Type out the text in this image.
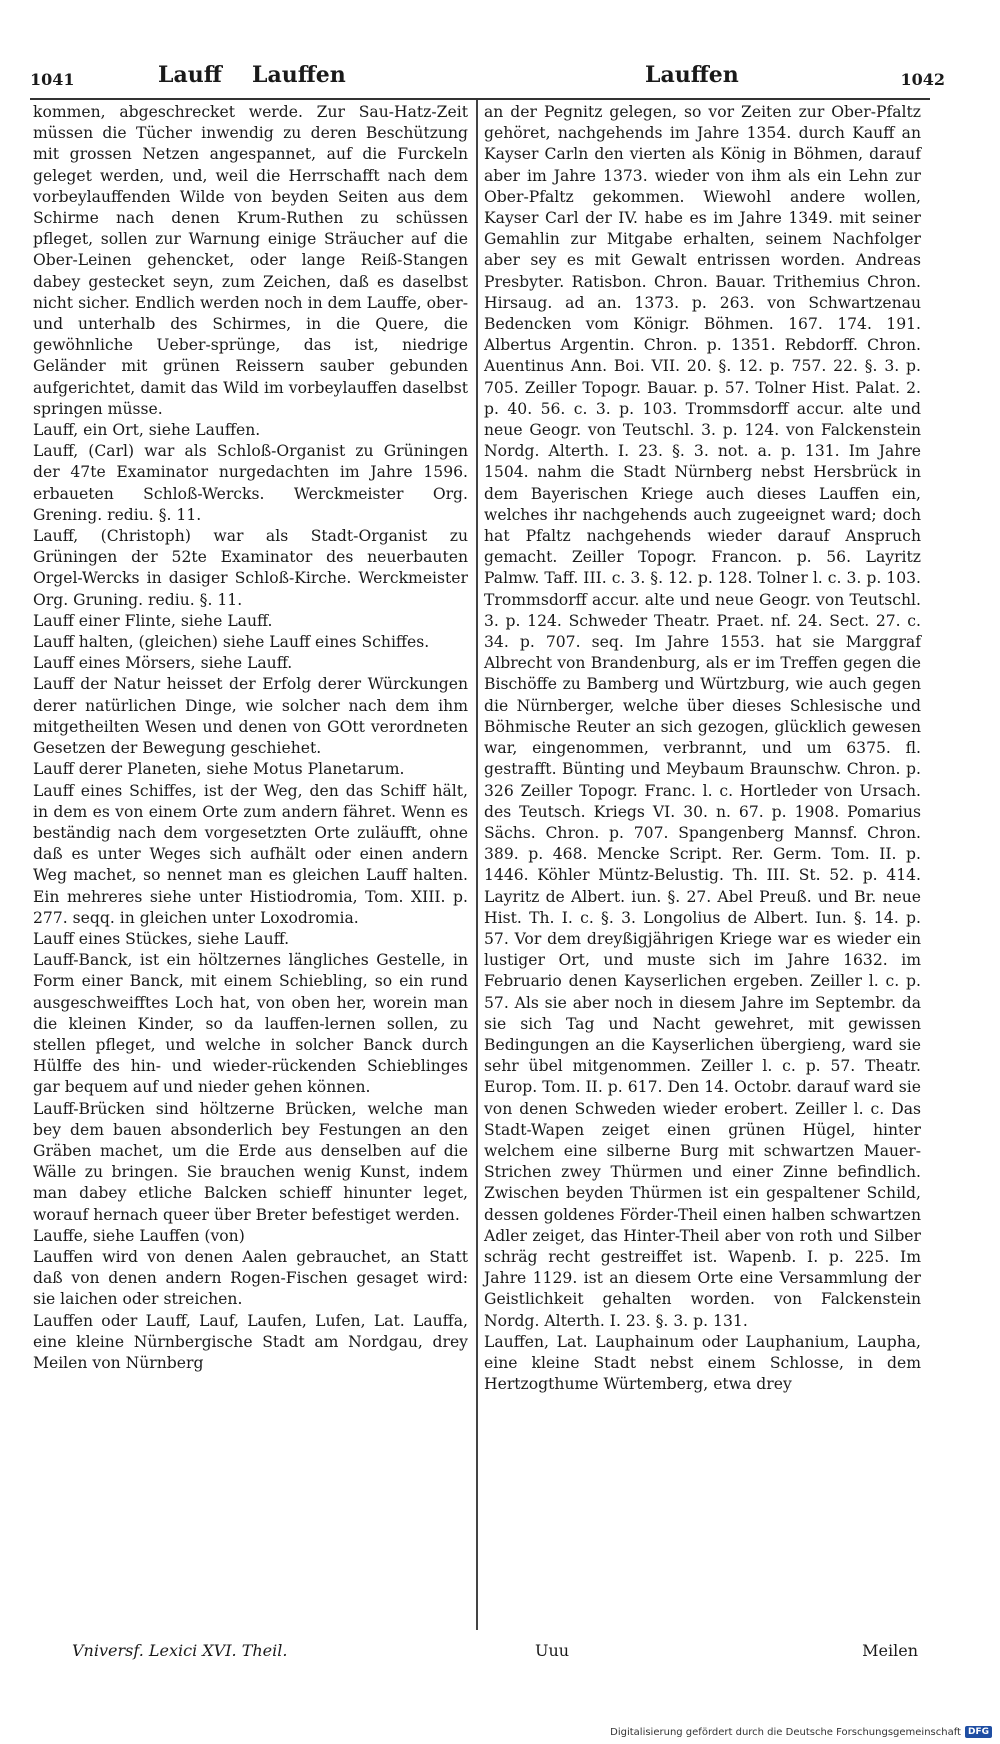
1041	Lauff Lauffen	Lauffen	1042

kommen, abgeschrecket werde. Zur Sau-Hatz-Zeit müssen die Tücher inwendig zu deren Beschützung mit grossen Netzen angespannet, auf die Furckeln geleget werden, und, weil die Herrschafft nach dem vorbeylauffenden Wilde von beyden Seiten aus dem Schirme nach denen Krum-Ruthen zu schüssen pfleget, sollen zur Warnung einige Sträucher auf die Ober-Leinen gehencket, oder lange Reiß-Stangen dabey gestecket seyn, zum Zeichen, daß es daselbst nicht sicher. Endlich werden noch in dem Lauffe, ober- und unterhalb des Schirmes, in die Quere, die gewöhnliche Ueber-sprünge, das ist, niedrige Geländer mit grünen Reissern sauber gebunden aufgerichtet, damit das Wild im vorbeylauffen daselbst springen müsse.

Lauff, ein Ort, siehe Lauffen.

Lauff, (Carl) war als Schloß-Organist zu Grüningen der 47te Examinator nurgedachten im Jahre 1596. erbaueten Schloß-Wercks. Werckmeister Org. Grening. rediu. §. 11.

Lauff, (Christoph) war als Stadt-Organist zu Grüningen der 52te Examinator des neuerbauten Orgel-Wercks in dasiger Schloß-Kirche. Werckmeister Org. Gruning. rediu. §. 11.

Lauff einer Flinte, siehe Lauff.

Lauff halten, (gleichen) siehe Lauff eines Schiffes.

Lauff eines Mörsers, siehe Lauff.

Lauff der Natur heisset der Erfolg derer Würckungen derer natürlichen Dinge, wie solcher nach dem ihm mitgetheilten Wesen und denen von GOtt verordneten Gesetzen der Bewegung geschiehet.

Lauff derer Planeten, siehe Motus Planetarum.

Lauff eines Schiffes, ist der Weg, den das Schiff hält, in dem es von einem Orte zum andern fähret. Wenn es beständig nach dem vorgesetzten Orte zuläufft, ohne daß es unter Weges sich aufhält oder einen andern Weg machet, so nennet man es gleichen Lauff halten. Ein mehreres siehe unter Histiodromia, Tom. XIII. p. 277. seqq. in gleichen unter Loxodromia.

Lauff eines Stückes, siehe Lauff.

Lauff-Banck, ist ein höltzernes längliches Gestelle, in Form einer Banck, mit einem Schiebling, so ein rund ausgeschweifftes Loch hat, von oben her, worein man die kleinen Kinder, so da lauffen-lernen sollen, zu stellen pfleget, und welche in solcher Banck durch Hülffe des hin- und wieder-rückenden Schieblinges gar bequem auf und nieder gehen können.

Lauff-Brücken sind höltzerne Brücken, welche man bey dem bauen absonderlich bey Festungen an den Gräben machet, um die Erde aus denselben auf die Wälle zu bringen. Sie brauchen wenig Kunst, indem man dabey etliche Balcken schieff hinunter leget, worauf hernach queer über Breter befestiget werden.

Lauffe, siehe Lauffen (von)

Lauffen wird von denen Aalen gebrauchet, an Statt daß von denen andern Rogen-Fischen gesaget wird: sie laichen oder streichen.

Lauffen oder Lauff, Lauf, Laufen, Lufen, Lat. Lauffa, eine kleine Nürnbergische Stadt am Nordgau, drey Meilen von Nürnberg

an der Pegnitz gelegen, so vor Zeiten zur Ober-Pfaltz gehöret, nachgehends im Jahre 1354. durch Kauff an Kayser Carln den vierten als König in Böhmen, darauf aber im Jahre 1373. wieder von ihm als ein Lehn zur Ober-Pfaltz gekommen. Wiewohl andere wollen, Kayser Carl der IV. habe es im Jahre 1349. mit seiner Gemahlin zur Mitgabe erhalten, seinem Nachfolger aber sey es mit Gewalt entrissen worden. Andreas Presbyter. Ratisbon. Chron. Bauar. Trithemius Chron. Hirsaug. ad an. 1373. p. 263. von Schwartzenau Bedencken vom Königr. Böhmen. 167. 174. 191. Albertus Argentin. Chron. p. 1351. Rebdorff. Chron. Auentinus Ann. Boi. VII. 20. §. 12. p. 757. 22. §. 3. p. 705. Zeiller Topogr. Bauar. p. 57. Tolner Hist. Palat. 2. p. 40. 56. c. 3. p. 103. Trommsdorff accur. alte und neue Geogr. von Teutschl. 3. p. 124. von Falckenstein Nordg. Alterth. I. 23. §. 3. not. a. p. 131. Im Jahre 1504. nahm die Stadt Nürnberg nebst Hersbrück in dem Bayerischen Kriege auch dieses Lauffen ein, welches ihr nachgehends auch zugeeignet ward; doch hat Pfaltz nachgehends wieder darauf Anspruch gemacht. Zeiller Topogr. Francon. p. 56. Layritz Palmw. Taff. III. c. 3. §. 12. p. 128. Tolner l. c. 3. p. 103. Trommsdorff accur. alte und neue Geogr. von Teutschl. 3. p. 124. Schweder Theatr. Praet. nf. 24. Sect. 27. c. 34. p. 707. seq. Im Jahre 1553. hat sie Marggraf Albrecht von Brandenburg, als er im Treffen gegen die Bischöffe zu Bamberg und Würtzburg, wie auch gegen die Nürnberger, welche über dieses Schlesische und Böhmische Reuter an sich gezogen, glücklich gewesen war, eingenommen, verbrannt, und um 6375. fl. gestrafft. Bünting und Meybaum Braunschw. Chron. p. 326 Zeiller Topogr. Franc. l. c. Hortleder von Ursach. des Teutsch. Kriegs VI. 30. n. 67. p. 1908. Pomarius Sächs. Chron. p. 707. Spangenberg Mannsf. Chron. 389. p. 468. Mencke Script. Rer. Germ. Tom. II. p. 1446. Köhler Müntz-Belustig. Th. III. St. 52. p. 414. Layritz de Albert. iun. §. 27. Abel Preuß. und Br. neue Hist. Th. I. c. §. 3. Longolius de Albert. Iun. §. 14. p. 57. Vor dem dreyßigjährigen Kriege war es wieder ein lustiger Ort, und muste sich im Jahre 1632. im Februario denen Kayserlichen ergeben. Zeiller l. c. p. 57. Als sie aber noch in diesem Jahre im Septembr. da sie sich Tag und Nacht gewehret, mit gewissen Bedingungen an die Kayserlichen übergieng, ward sie sehr übel mitgenommen. Zeiller l. c. p. 57. Theatr. Europ. Tom. II. p. 617. Den 14. Octobr. darauf ward sie von denen Schweden wieder erobert. Zeiller l. c. Das Stadt-Wapen zeiget einen grünen Hügel, hinter welchem eine silberne Burg mit schwartzen Mauer-Strichen zwey Thürmen und einer Zinne befindlich. Zwischen beyden Thürmen ist ein gespaltener Schild, dessen goldenes Förder-Theil einen halben schwartzen Adler zeiget, das Hinter-Theil aber von roth und Silber schräg recht gestreiffet ist. Wapenb. I. p. 225. Im Jahre 1129. ist an diesem Orte eine Versammlung der Geistlichkeit gehalten worden. von Falckenstein Nordg. Alterth. I. 23. §. 3. p. 131.

Lauffen, Lat. Lauphainum oder Lauphanium, Laupha, eine kleine Stadt nebst einem Schlosse, in dem Hertzogthume Würtemberg, etwa drey

Vniversf. Lexici XVI. Theil.	Uuu	Meilen
Digitalisierung gefördert durch die Deutsche Forschungsgemeinschaft DFG
